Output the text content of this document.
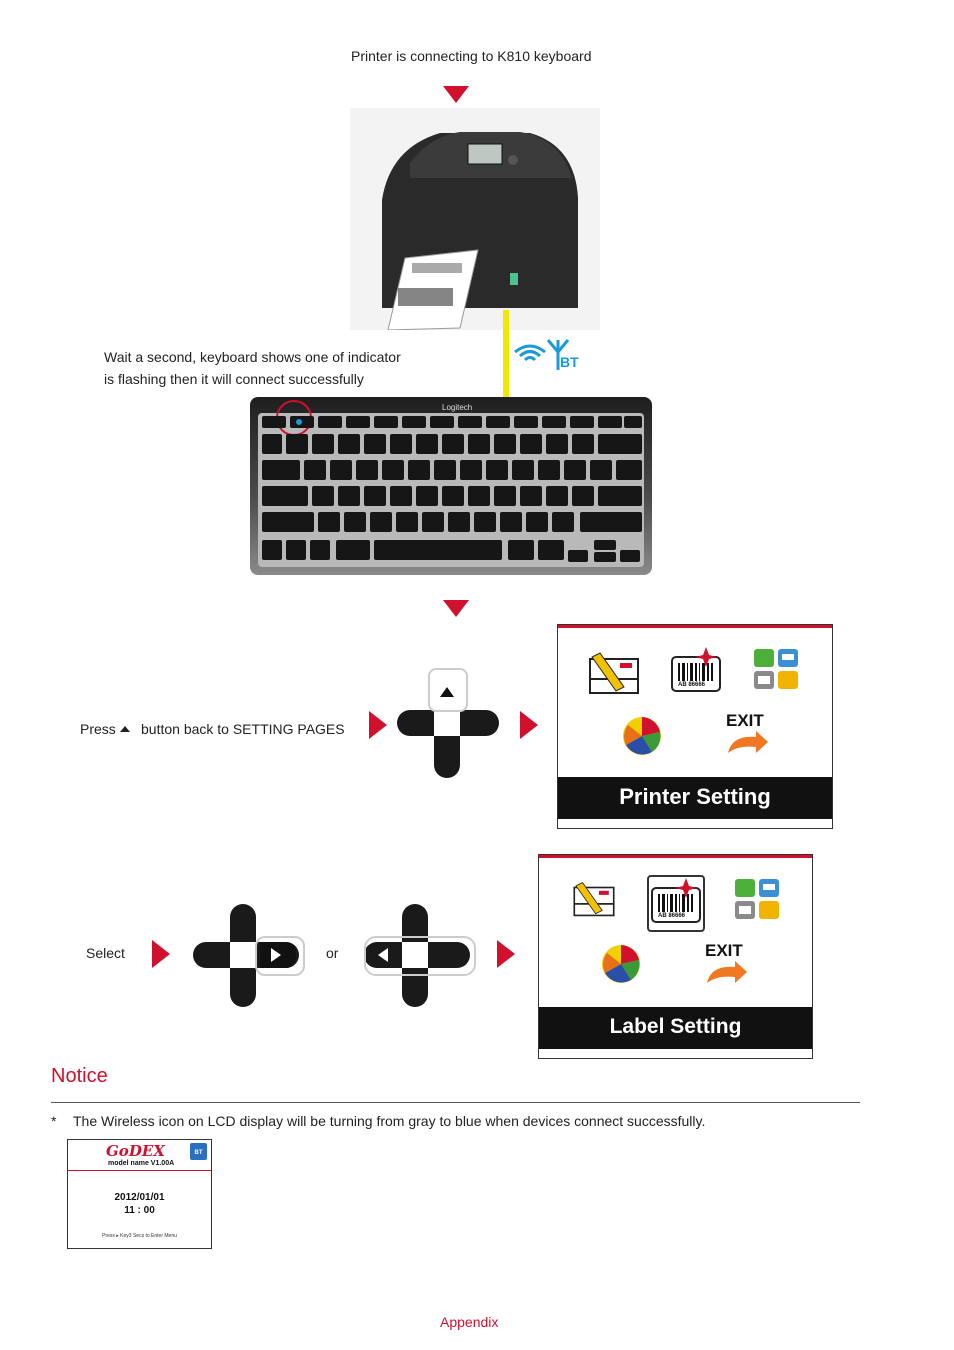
Printer is connecting to K810 keyboard
BT
Wait a second, keyboard shows one of indicator
is flashing then it will connect successfully
Logitech
Press button back to SETTING PAGES
AB 86666
EXIT
Printer Setting
Select	or
AB 86666
EXIT
Label Setting
Notice
* The Wireless icon on LCD display will be turning from gray to blue when devices connect successfully.
GoDEX
model name V1.00A
BT
2012/01/01
11 : 00
Press ▸ Key3 Secs to Enter Menu
Appendix
